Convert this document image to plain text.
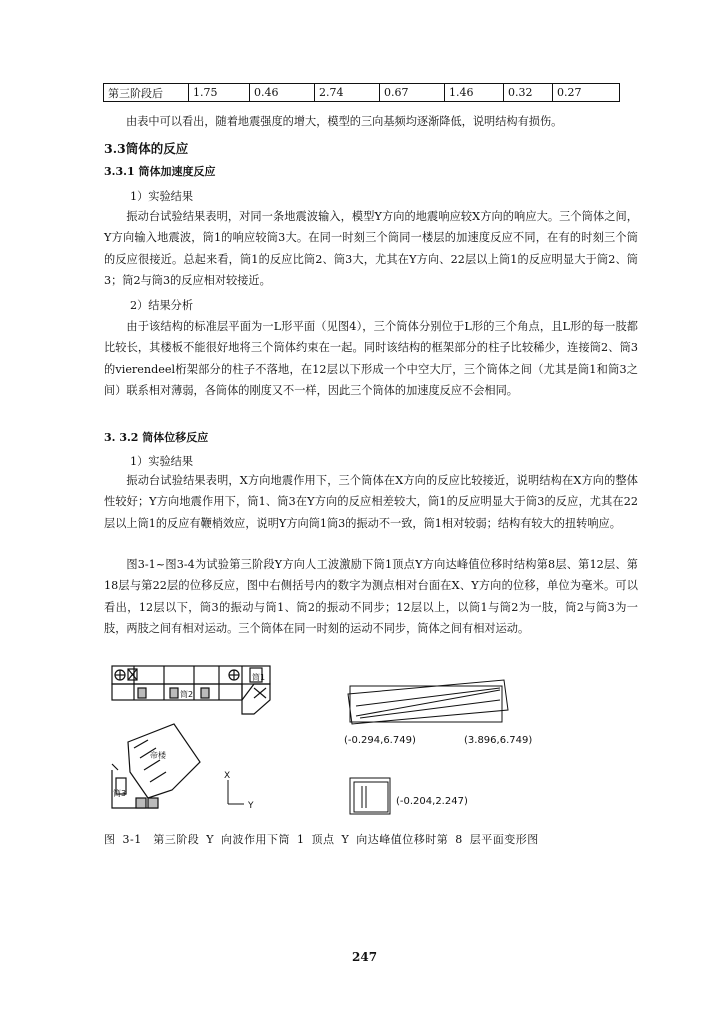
第三阶段后	1.75	0.46	2.74	0.67	1.46	0.32	0.27
由表中可以看出，随着地震强度的增大，模型的三向基频均逐渐降低，说明结构有损伤。
3.3筒体的反应
3.3.1 筒体加速度反应
1）实验结果
振动台试验结果表明，对同一条地震波输入，模型Y方向的地震响应较X方向的响应大。三个筒体之间，Y方向输入地震波，筒1的响应较筒3大。在同一时刻三个筒同一楼层的加速度反应不同，在有的时刻三个筒的反应很接近。总起来看，筒1的反应比筒2、筒3大，尤其在Y方向、22层以上筒1的反应明显大于筒2、筒3；筒2与筒3的反应相对较接近。
2）结果分析
由于该结构的标准层平面为一L形平面（见图4），三个筒体分别位于L形的三个角点，且L形的每一肢都比较长，其楼板不能很好地将三个筒体约束在一起。同时该结构的框架部分的柱子比较稀少，连接筒2、筒3的vierendeel桁架部分的柱子不落地，在12层以下形成一个中空大厅，三个筒体之间（尤其是筒1和筒3之间）联系相对薄弱，各筒体的刚度又不一样，因此三个筒体的加速度反应不会相同。
3. 3.2 筒体位移反应
1）实验结果
振动台试验结果表明，X方向地震作用下，三个筒体在X方向的反应比较接近，说明结构在X方向的整体性较好；Y方向地震作用下，筒1、筒3在Y方向的反应相差较大，筒1的反应明显大于筒3的反应，尤其在22层以上筒1的反应有鞭梢效应，说明Y方向筒1筒3的振动不一致，筒1相对较弱；结构有较大的扭转响应。
图3-1~图3-4为试验第三阶段Y方向人工波激励下筒1顶点Y方向达峰值位移时结构第8层、第12层、第18层与第22层的位移反应，图中右侧括号内的数字为测点相对台面在X、Y方向的位移，单位为毫米。可以看出，12层以下，筒3的振动与筒1、筒2的振动不同步；12层以上，以筒1与筒2为一肢，筒2与筒3为一肢，两肢之间有相对运动。三个筒体在同一时刻的运动不同步，筒体之间有相对运动。
筒1
筒2
帝楼
筒3
X
Y
(-0.294,6.749)	(3.896,6.749)
(-0.204,2.247)
图 3-1　第三阶段 Y 向波作用下筒 1 顶点 Y 向达峰值位移时第 8 层平面变形图
247
